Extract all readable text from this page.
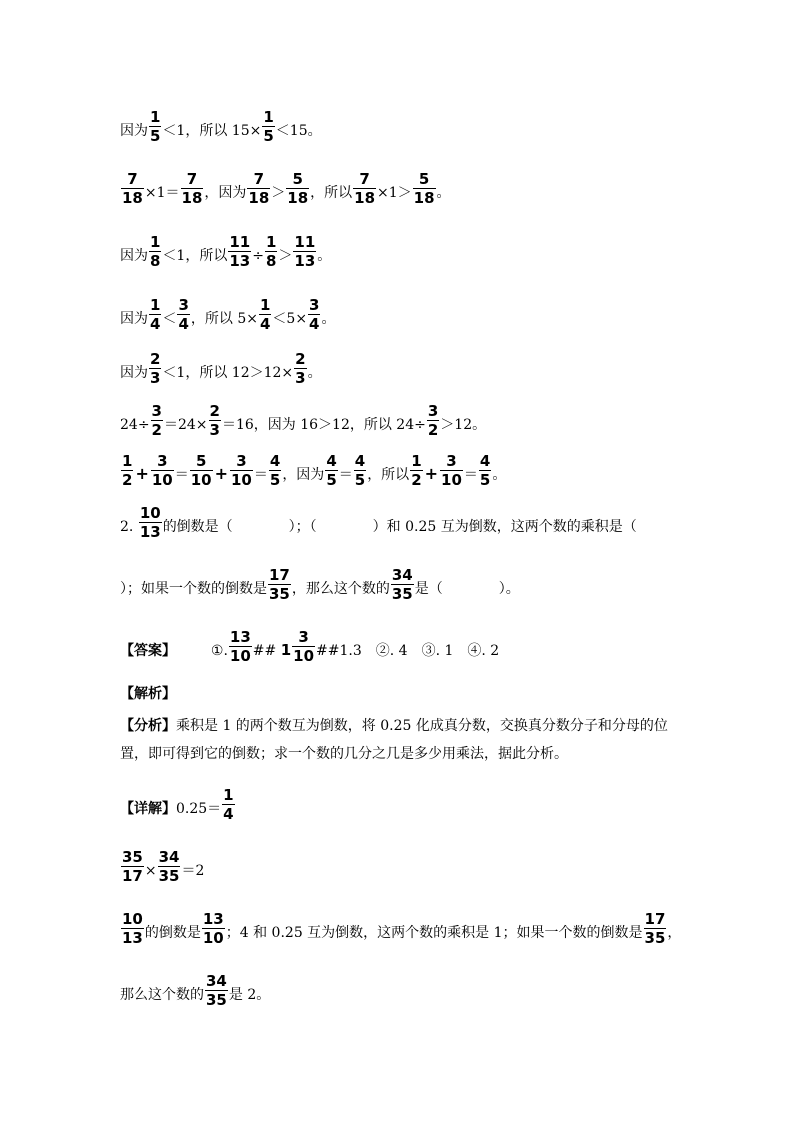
因为 $\frac{1}{5} <1$，所以 $15\times \frac{1}{5} <15$。
$\frac{7}{18} \times 1= \frac{7}{18}$ ，因为 $\frac{7}{18} > \frac{5}{18}$ ，所以 $\frac{7}{18} \times 1> \frac{5}{18}$ 。
因为 $\frac{1}{8} <1$，所以 $\frac{11}{13} \div \frac{1}{8} > \frac{11}{13}$ 。
因为 $\frac{1}{4} < \frac{3}{4}$ ，所以 $5\times \frac{1}{4} <5\times \frac{3}{4}$ 。
因为 $\frac{2}{3} <1$，所以 $12>12\times \frac{2}{3}$ 。
$24\div \frac{3}{2} =24\times \frac{2}{3} =16$，因为 16＞12，所以 $24\div \frac{3}{2} >12$。
$\frac{1}{2} + \frac{3}{10} = \frac{5}{10} + \frac{3}{10} = \frac{4}{5}$ ，因为 $\frac{4}{5} = \frac{4}{5}$ ，所以 $\frac{1}{2} + \frac{3}{10} = \frac{4}{5}$ 。
2. $\frac{10}{13}$ 的倒数是（　　　　）；（　　　　）和 0.25 互为倒数，这两个数的乘积是（
）；如果一个数的倒数是 $\frac{17}{35}$ ，那么这个数的 $\frac{34}{35}$ 是（　　　　）。
【答案】 ①. $\frac{13}{10}$ ## $1 \frac{3}{10}$ ##1.3　②. 4　③. 1　④. 2
【解析】
【分析】乘积是 1 的两个数互为倒数，将 0.25 化成真分数，交换真分数分子和分母的位置，即可得到它的倒数；求一个数的几分之几是多少用乘法，据此分析。
【详解】$0.25= \frac{1}{4}$
$\frac{35}{17} \times \frac{34}{35} =2$
$\frac{10}{13}$ 的倒数是 $\frac{13}{10}$ ；4 和 0.25 互为倒数，这两个数的乘积是 1；如果一个数的倒数是 $\frac{17}{35}$ ，
那么这个数的 $\frac{34}{35}$ 是 2。
